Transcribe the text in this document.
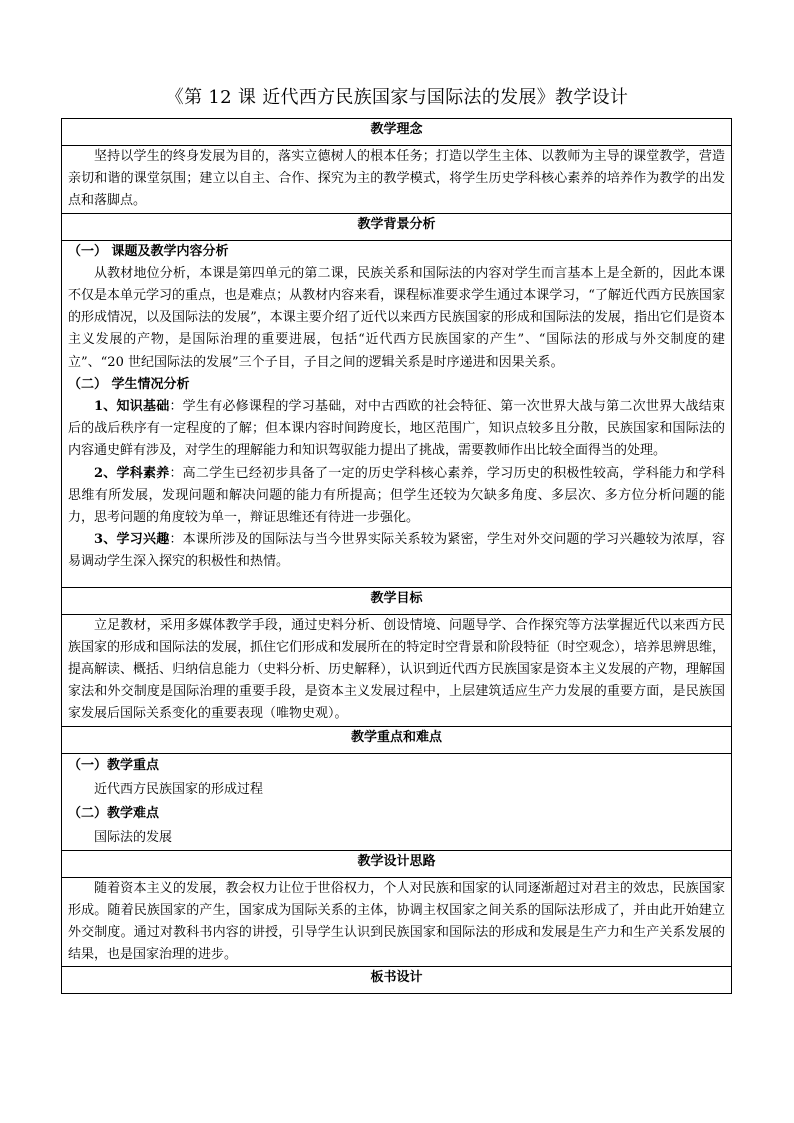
《第 12 课 近代西方民族国家与国际法的发展》教学设计
教学理念

坚持以学生的终身发展为目的，落实立德树人的根本任务；打造以学生主体、以教师为主导的课堂教学，营造亲切和谐的课堂氛围；建立以自主、合作、探究为主的教学模式，将学生历史学科核心素养的培养作为教学的出发点和落脚点。

教学背景分析

（一） 课题及教学内容分析

从教材地位分析，本课是第四单元的第二课，民族关系和国际法的内容对学生而言基本上是全新的，因此本课不仅是本单元学习的重点，也是难点；从教材内容来看，课程标准要求学生通过本课学习，“了解近代西方民族国家的形成情况，以及国际法的发展”，本课主要介绍了近代以来西方民族国家的形成和国际法的发展，指出它们是资本主义发展的产物，是国际治理的重要进展，包括“近代西方民族国家的产生”、“国际法的形成与外交制度的建立”、“20 世纪国际法的发展”三个子目，子目之间的逻辑关系是时序递进和因果关系。

（二） 学生情况分析

1、知识基础：学生有必修课程的学习基础，对中古西欧的社会特征、第一次世界大战与第二次世界大战结束后的战后秩序有一定程度的了解；但本课内容时间跨度长，地区范围广，知识点较多且分散，民族国家和国际法的内容通史鲜有涉及，对学生的理解能力和知识驾驭能力提出了挑战，需要教师作出比较全面得当的处理。

2、学科素养：高二学生已经初步具备了一定的历史学科核心素养，学习历史的积极性较高，学科能力和学科思维有所发展，发现问题和解决问题的能力有所提高；但学生还较为欠缺多角度、多层次、多方位分析问题的能力，思考问题的角度较为单一，辩证思维还有待进一步强化。

3、学习兴趣：本课所涉及的国际法与当今世界实际关系较为紧密，学生对外交问题的学习兴趣较为浓厚，容易调动学生深入探究的积极性和热情。

教学目标

立足教材，采用多媒体教学手段，通过史料分析、创设情境、问题导学、合作探究等方法掌握近代以来西方民族国家的形成和国际法的发展，抓住它们形成和发展所在的特定时空背景和阶段特征（时空观念），培养思辨思维，提高解读、概括、归纳信息能力（史料分析、历史解释），认识到近代西方民族国家是资本主义发展的产物，理解国家法和外交制度是国际治理的重要手段，是资本主义发展过程中，上层建筑适应生产力发展的重要方面，是民族国家发展后国际关系变化的重要表现（唯物史观）。

教学重点和难点

（一）教学重点

近代西方民族国家的形成过程

（二）教学难点

国际法的发展

教学设计思路

随着资本主义的发展，教会权力让位于世俗权力，个人对民族和国家的认同逐渐超过对君主的效忠，民族国家形成。随着民族国家的产生，国家成为国际关系的主体，协调主权国家之间关系的国际法形成了，并由此开始建立外交制度。通过对教科书内容的讲授，引导学生认识到民族国家和国际法的形成和发展是生产力和生产关系发展的结果，也是国家治理的进步。

板书设计
